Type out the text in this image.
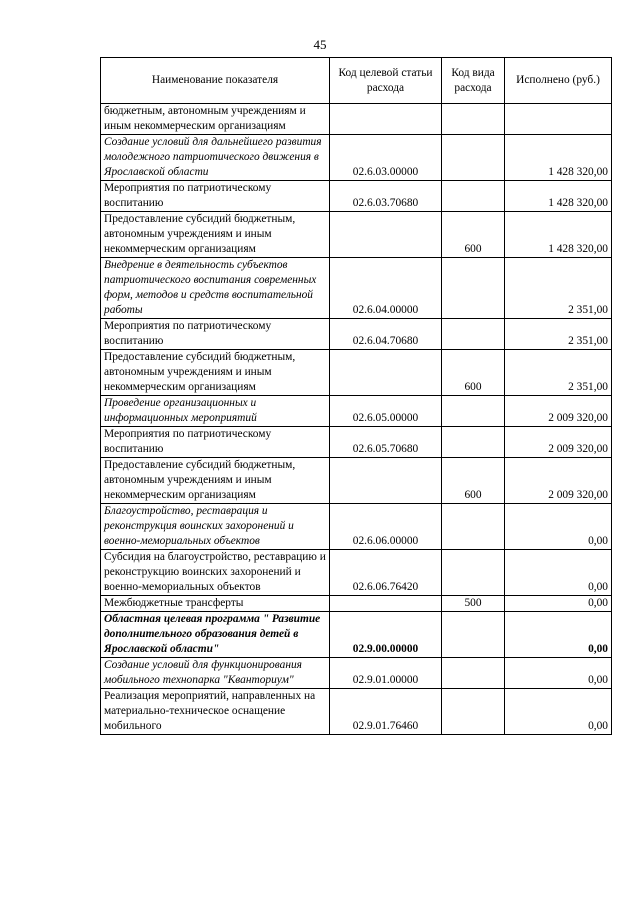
45
Наименование показателя	Код целевой статьи расхода	Код вида расхода	Исполнено (руб.)
бюджетным, автономным учреждениям и иным некоммерческим организациям			
Создание условий для дальнейшего развития молодежного патриотического движения в Ярославской области	02.6.03.00000		1 428 320,00
Мероприятия по патриотическому воспитанию	02.6.03.70680		1 428 320,00
Предоставление субсидий бюджетным, автономным учреждениям и иным некоммерческим организациям		600	1 428 320,00
Внедрение в деятельность субъектов патриотического воспитания современных форм, методов и средств воспитательной работы	02.6.04.00000		2 351,00
Мероприятия по патриотическому воспитанию	02.6.04.70680		2 351,00
Предоставление субсидий бюджетным, автономным учреждениям и иным некоммерческим организациям		600	2 351,00
Проведение организационных и информационных мероприятий	02.6.05.00000		2 009 320,00
Мероприятия по патриотическому воспитанию	02.6.05.70680		2 009 320,00
Предоставление субсидий бюджетным, автономным учреждениям и иным некоммерческим организациям		600	2 009 320,00
Благоустройство, реставрация и реконструкция воинских захоронений и военно-мемориальных объектов	02.6.06.00000		0,00
Субсидия на благоустройство, реставрацию и реконструкцию воинских захоронений и военно-мемориальных объектов	02.6.06.76420		0,00
Межбюджетные трансферты		500	0,00
Областная целевая программа " Развитие дополнительного образования детей в Ярославской области"	02.9.00.00000		0,00
Создание условий для функционирования мобильного технопарка "Кванториум"	02.9.01.00000		0,00
Реализация мероприятий, направленных на материально-техническое оснащение мобильного	02.9.01.76460		0,00
